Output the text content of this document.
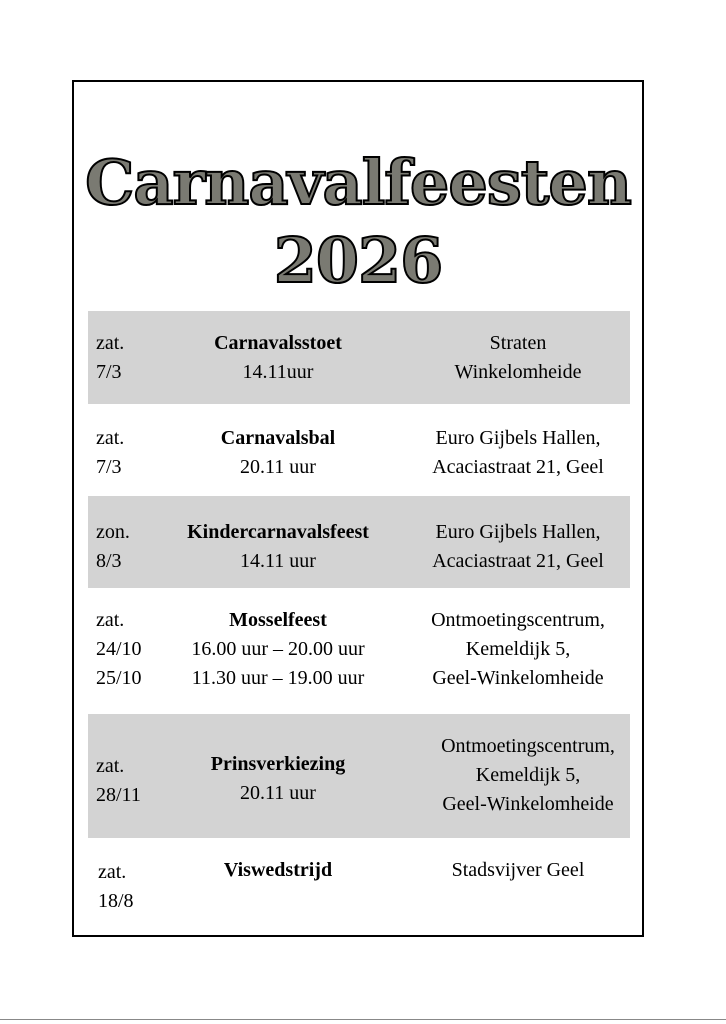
Carnavalfeesten
2026
zat.
7/3
Carnavalsstoet
14.11uur
Straten
Winkelomheide
zat.
7/3
Carnavalsbal
20.11 uur
Euro Gijbels Hallen,
Acaciastraat 21, Geel
zon.
8/3
Kindercarnavalsfeest
14.11 uur
Euro Gijbels Hallen,
Acaciastraat 21, Geel
zat.
24/10
25/10
Mosselfeest
16.00 uur – 20.00 uur
11.30 uur – 19.00 uur
Ontmoetingscentrum,
Kemeldijk 5,
Geel-Winkelomheide
zat.
28/11
Prinsverkiezing
20.11 uur
Ontmoetingscentrum,
Kemeldijk 5,
Geel-Winkelomheide
zat.
18/8
Viswedstrijd	Stadsvijver Geel
